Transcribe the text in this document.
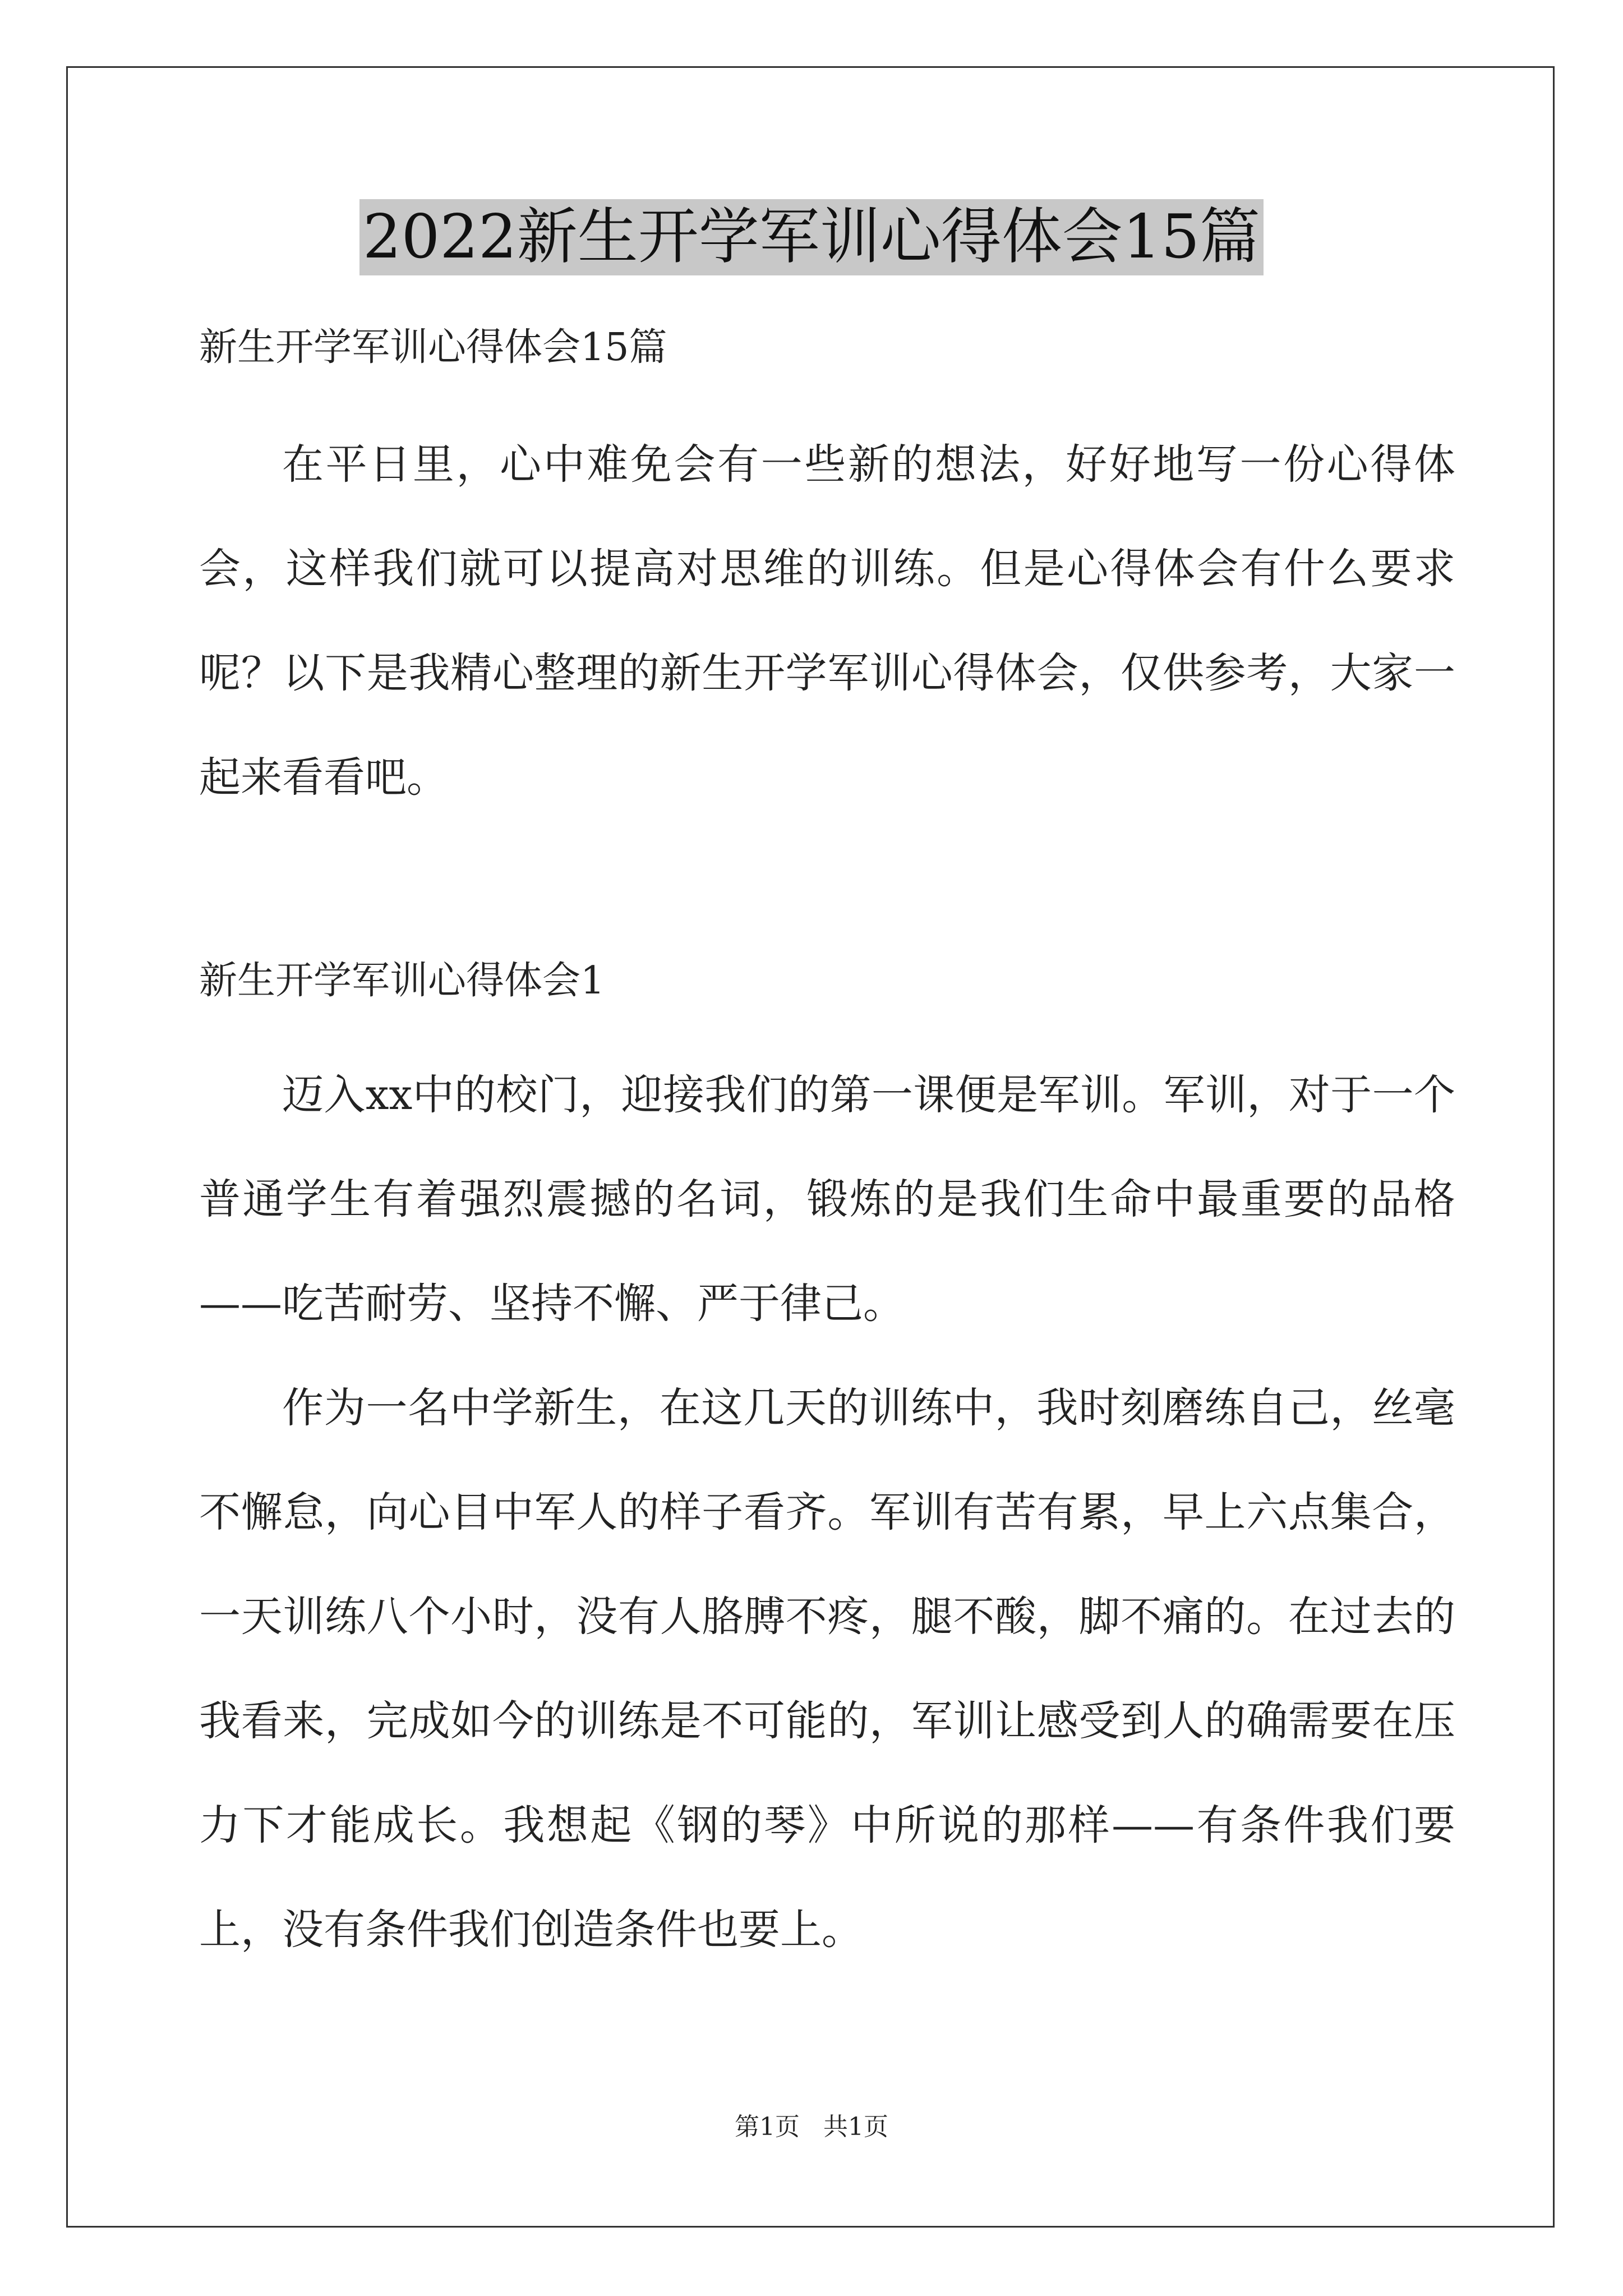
2022新生开学军训心得体会15篇

新生开学军训心得体会15篇

在平日里，心中难免会有一些新的想法，好好地写一份心得体会，这样我们就可以提高对思维的训练。但是心得体会有什么要求呢？以下是我精心整理的新生开学军训心得体会，仅供参考，大家一起来看看吧。

新生开学军训心得体会1

迈入xx中的校门，迎接我们的第一课便是军训。军训，对于一个普通学生有着强烈震撼的名词，锻炼的是我们生命中最重要的品格——吃苦耐劳、坚持不懈、严于律己。

作为一名中学新生，在这几天的训练中，我时刻磨练自己，丝毫不懈怠，向心目中军人的样子看齐。军训有苦有累，早上六点集合，一天训练八个小时，没有人胳膊不疼，腿不酸，脚不痛的。在过去的我看来，完成如今的训练是不可能的，军训让感受到人的确需要在压力下才能成长。我想起《钢的琴》中所说的那样——有条件我们要上，没有条件我们创造条件也要上。

第1页   共1页
